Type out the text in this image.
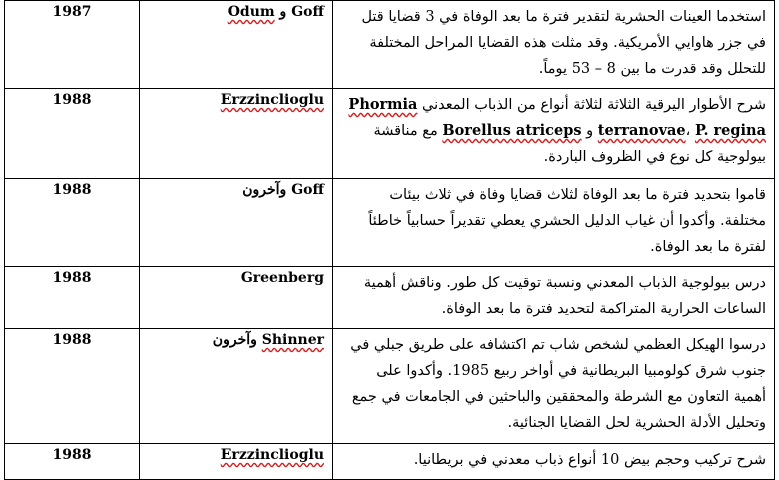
استخدما العينات الحشرية لتقدير فترة ما بعد الوفاة في 3 قضايا قتل في جزر هاوايي الأمريكية. وقد مثلت هذه القضايا المراحل المختلفة للتحلل وقد قدرت ما بين 8 – 53 يوماً.	Goff و Odum	1987
شرح الأطوار اليرقية الثلاثة لثلاثة أنواع من الذباب المعدني Phormia terranovae، P. regina و Borellus atriceps مع مناقشة بيولوجية كل نوع في الظروف الباردة.	Erzzinclioglu	1988
قاموا بتحديد فترة ما بعد الوفاة لثلاث قضايا وفاة في ثلاث بيئات مختلفة. وأكدوا أن غياب الدليل الحشري يعطي تقديراً حسابياً خاطئاً لفترة ما بعد الوفاة.	Goff وآخرون	1988
درس بيولوجية الذباب المعدني ونسبة توقيت كل طور. وناقش أهمية الساعات الحرارية المتراكمة لتحديد فترة ما بعد الوفاة.	Greenberg	1988
درسوا الهيكل العظمي لشخص شاب تم اكتشافه على طريق جبلي في جنوب شرق كولومبيا البريطانية في أواخر ربيع 1985. وأكدوا على أهمية التعاون مع الشرطة والمحققين والباحثين في الجامعات في جمع وتحليل الأدلة الحشرية لحل القضايا الجنائية.	Shinner وآخرون	1988
شرح تركيب وحجم بيض 10 أنواع ذباب معدني في بريطانيا.	Erzzinclioglu	1988
